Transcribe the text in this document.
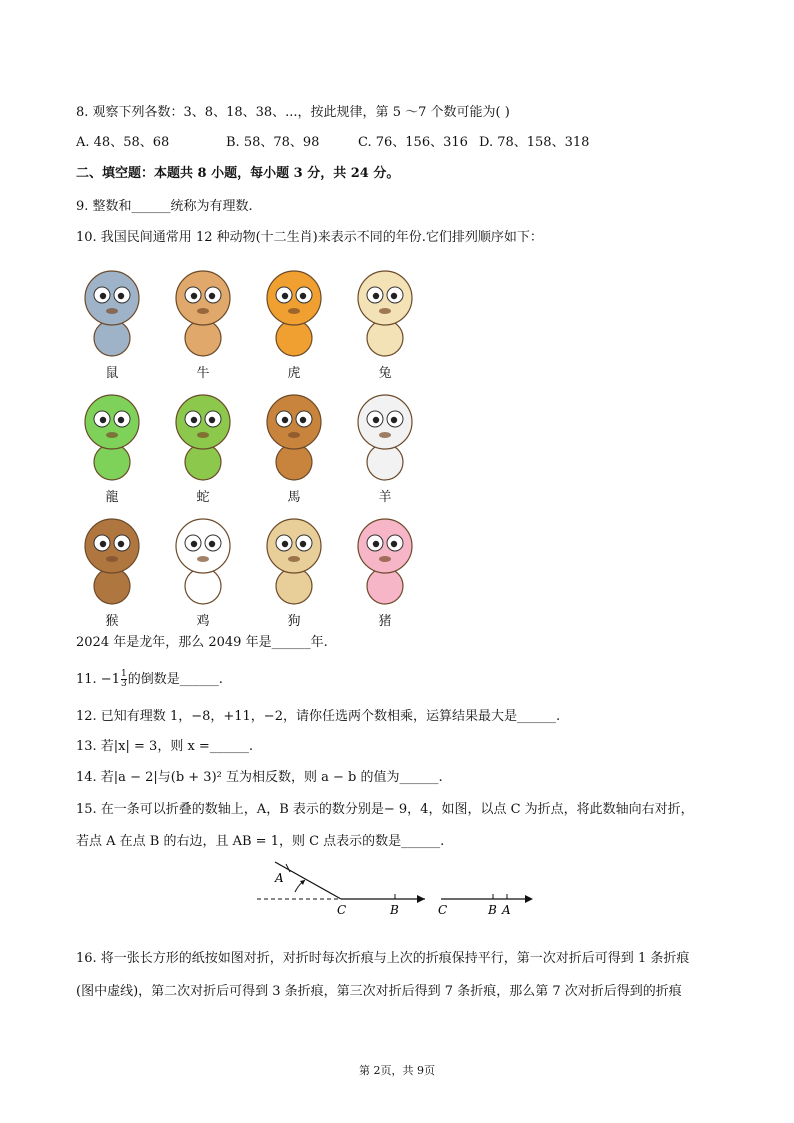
8. 观察下列各数：3、8、18、38、...，按此规律，第 5 ～7 个数可能为( )
A. 48、58、68	B. 58、78、98	C. 76、156、316 D. 78、158、318
二、填空题：本题共 8 小题，每小题 3 分，共 24 分。
9. 整数和______统称为有理数.
10. 我国民间通常用 12 种动物(十二生肖)来表示不同的年份.它们排列顺序如下：
鼠	牛	虎	兔
龍	蛇	馬	羊
猴	鸡	狗	猪
2024 年是龙年，那么 2049 年是______年.
11. $-1 \frac{1}{3}$ 的倒数是______.
12. 已知有理数 1，−8，+11，−2，请你任选两个数相乘，运算结果最大是______.
13. 若|x| = 3，则 x =______.
14. 若|a − 2|与(b + 3)² 互为相反数，则 a − b 的值为______.
15. 在一条可以折叠的数轴上，A，B 表示的数分别是− 9，4，如图，以点 C 为折点，将此数轴向右对折，
若点 A 在点 B 的右边，且 AB = 1，则 C 点表示的数是______.
A
C	B	C	B A
16. 将一张长方形的纸按如图对折，对折时每次折痕与上次的折痕保持平行，第一次对折后可得到 1 条折痕
(图中虚线)，第二次对折后可得到 3 条折痕，第三次对折后得到 7 条折痕，那么第 7 次对折后得到的折痕
第 2页，共 9页
